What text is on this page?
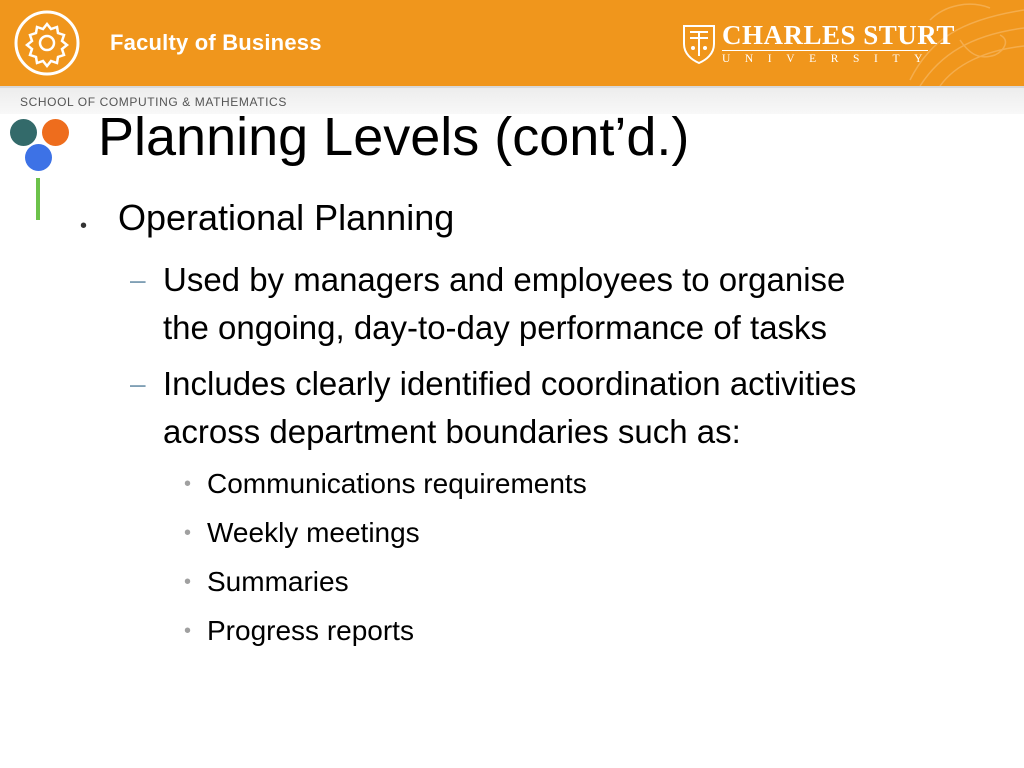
Faculty of Business	CHARLES STURT
UNIVERSITY
SCHOOL OF COMPUTING & MATHEMATICS
Planning Levels (cont’d.)
• Operational Planning
– Used by managers and employees to organise
the ongoing, day-to-day performance of tasks
– Includes clearly identified coordination activities
across department boundaries such as:
• Communications requirements
• Weekly meetings
• Summaries
• Progress reports
